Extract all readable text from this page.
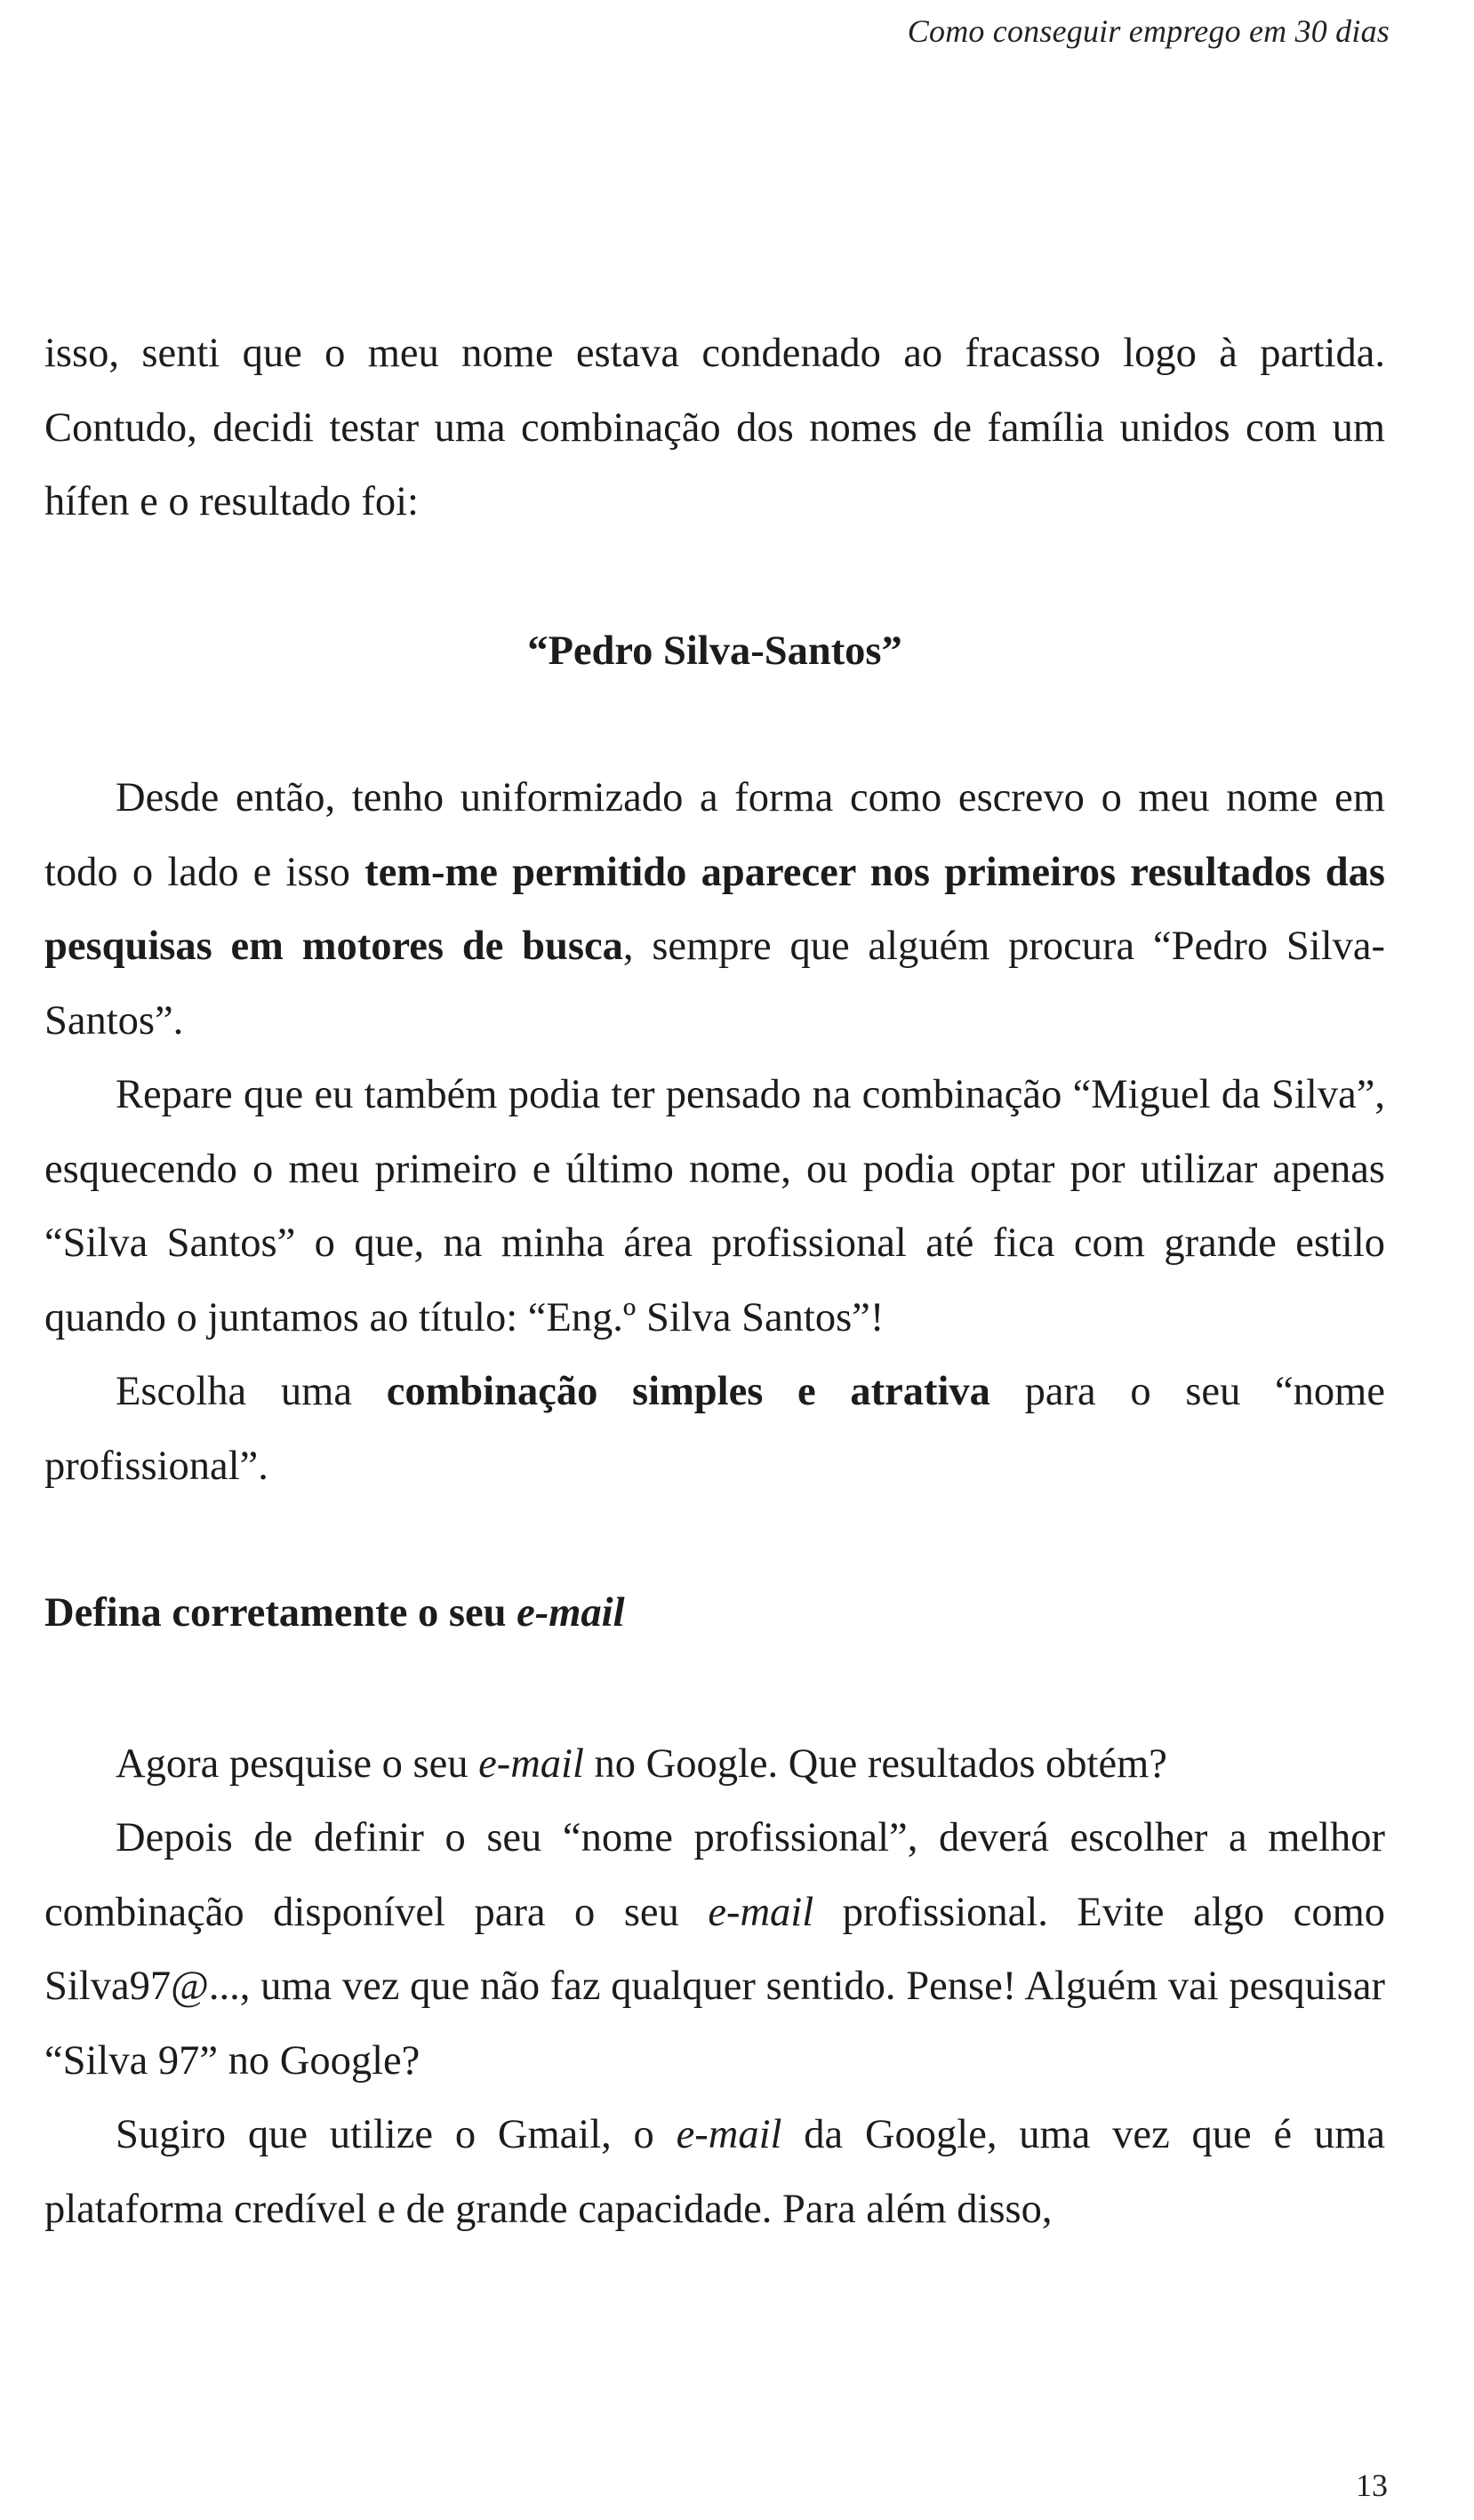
Como conseguir emprego em 30 dias

isso, senti que o meu nome estava condenado ao fracasso logo à partida. Contudo, decidi testar uma combinação dos nomes de família unidos com um hífen e o resultado foi:

“Pedro Silva-Santos”

Desde então, tenho uniformizado a forma como escrevo o meu nome em todo o lado e isso tem-me permitido aparecer nos primeiros resultados das pesquisas em motores de busca, sempre que alguém procura “Pedro Silva-Santos”.

Repare que eu também podia ter pensado na combinação “Miguel da Silva”, esquecendo o meu primeiro e último nome, ou podia optar por utilizar apenas “Silva Santos” o que, na minha área profissional até fica com grande estilo quando o juntamos ao título: “Eng.º Silva Santos”!

Escolha uma combinação simples e atrativa para o seu “nome profissional”.

Defina corretamente o seu e-mail

Agora pesquise o seu e-mail no Google. Que resultados obtém?

Depois de definir o seu “nome profissional”, deverá escolher a melhor combinação disponível para o seu e-mail profissional. Evite algo como Silva97@..., uma vez que não faz qualquer sentido. Pense! Alguém vai pesquisar “Silva 97” no Google?

Sugiro que utilize o Gmail, o e-mail da Google, uma vez que é uma plataforma credível e de grande capacidade. Para além disso,

13
